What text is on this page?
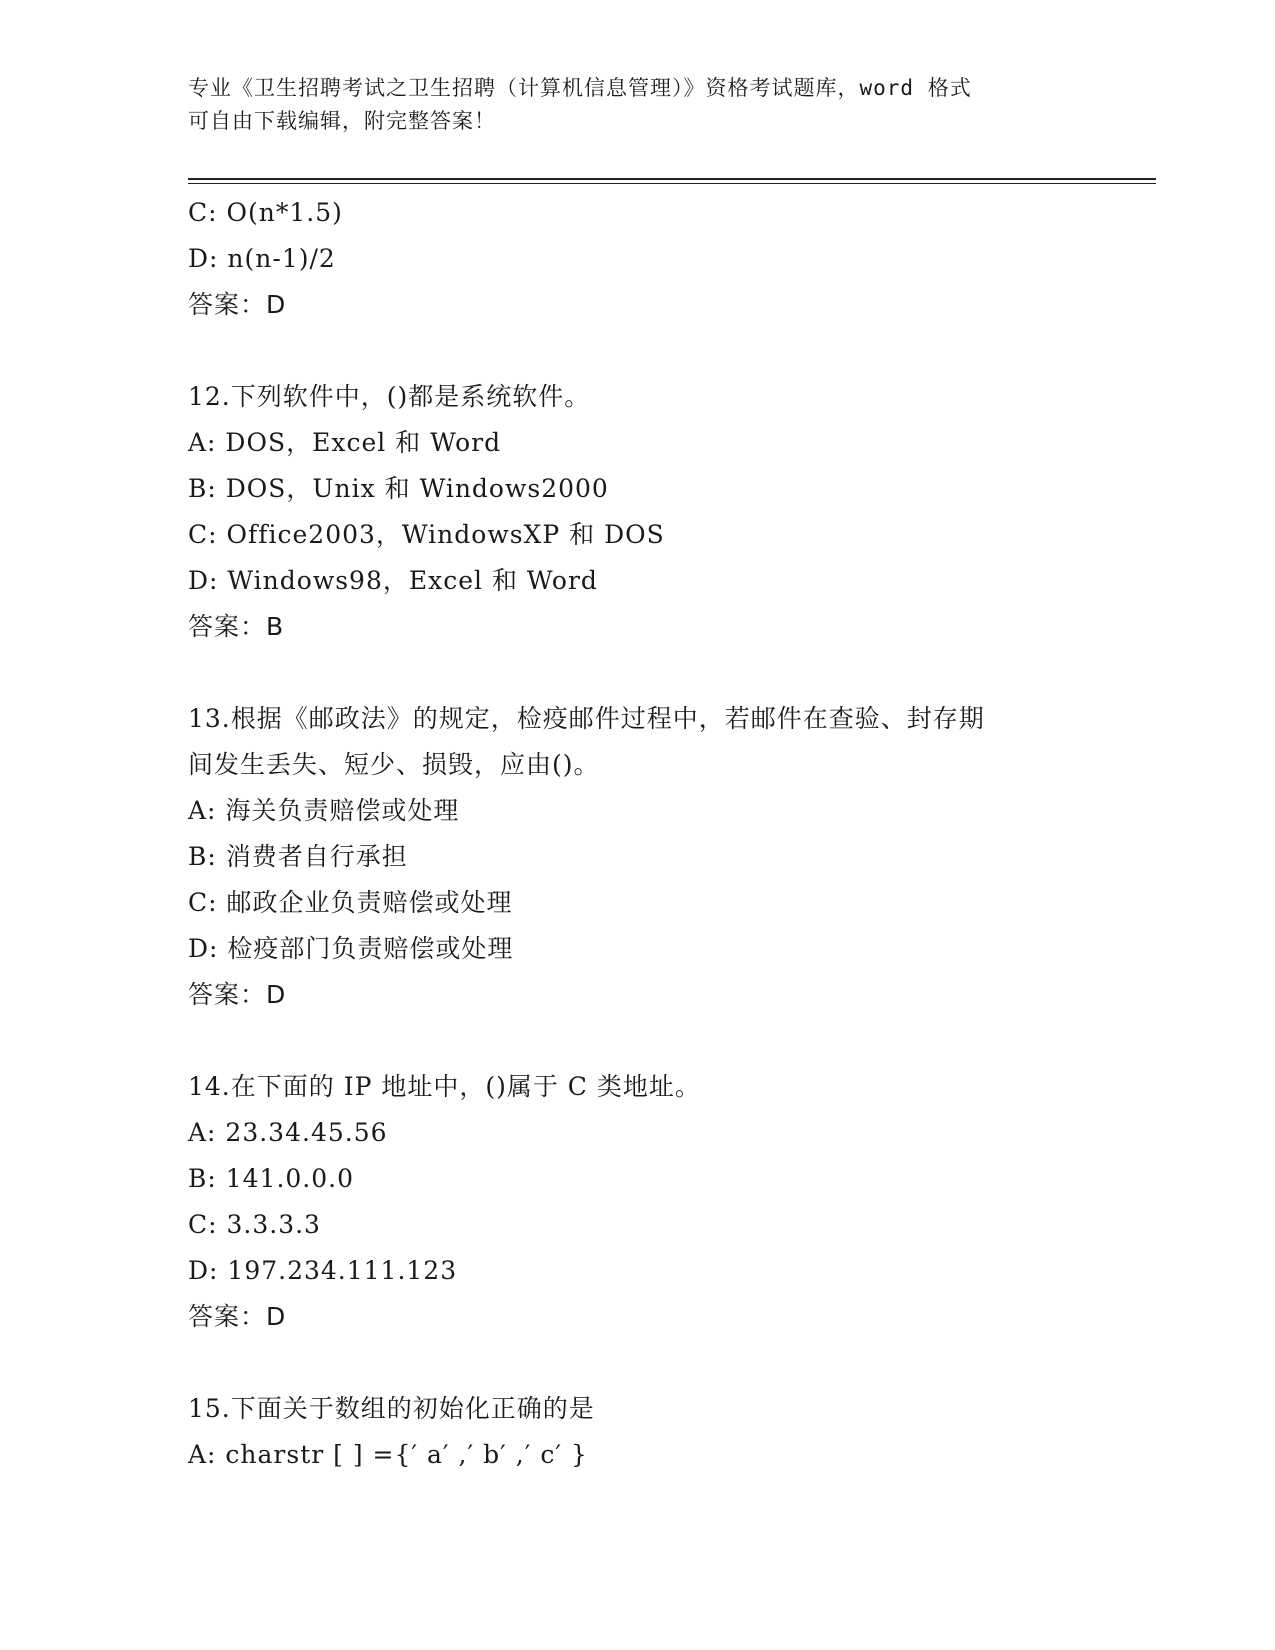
专业《卫生招聘考试之卫生招聘（计算机信息管理）》资格考试题库，word 格式
可自由下载编辑，附完整答案！
C: O(n*1.5)
D: n(n-1)/2
答案：D
12.下列软件中，()都是系统软件。
A: DOS，Excel 和 Word
B: DOS，Unix 和 Windows2000
C: Office2003，WindowsXP 和 DOS
D: Windows98，Excel 和 Word
答案：B
13.根据《邮政法》的规定，检疫邮件过程中，若邮件在查验、封存期
间发生丢失、短少、损毁，应由()。
A: 海关负责赔偿或处理
B: 消费者自行承担
C: 邮政企业负责赔偿或处理
D: 检疫部门负责赔偿或处理
答案：D
14.在下面的 IP 地址中，()属于 C 类地址。
A: 23.34.45.56
B: 141.0.0.0
C: 3.3.3.3
D: 197.234.111.123
答案：D
15.下面关于数组的初始化正确的是
A: charstr [ ] ={′ a′ ,′ b′ ,′ c′ }
